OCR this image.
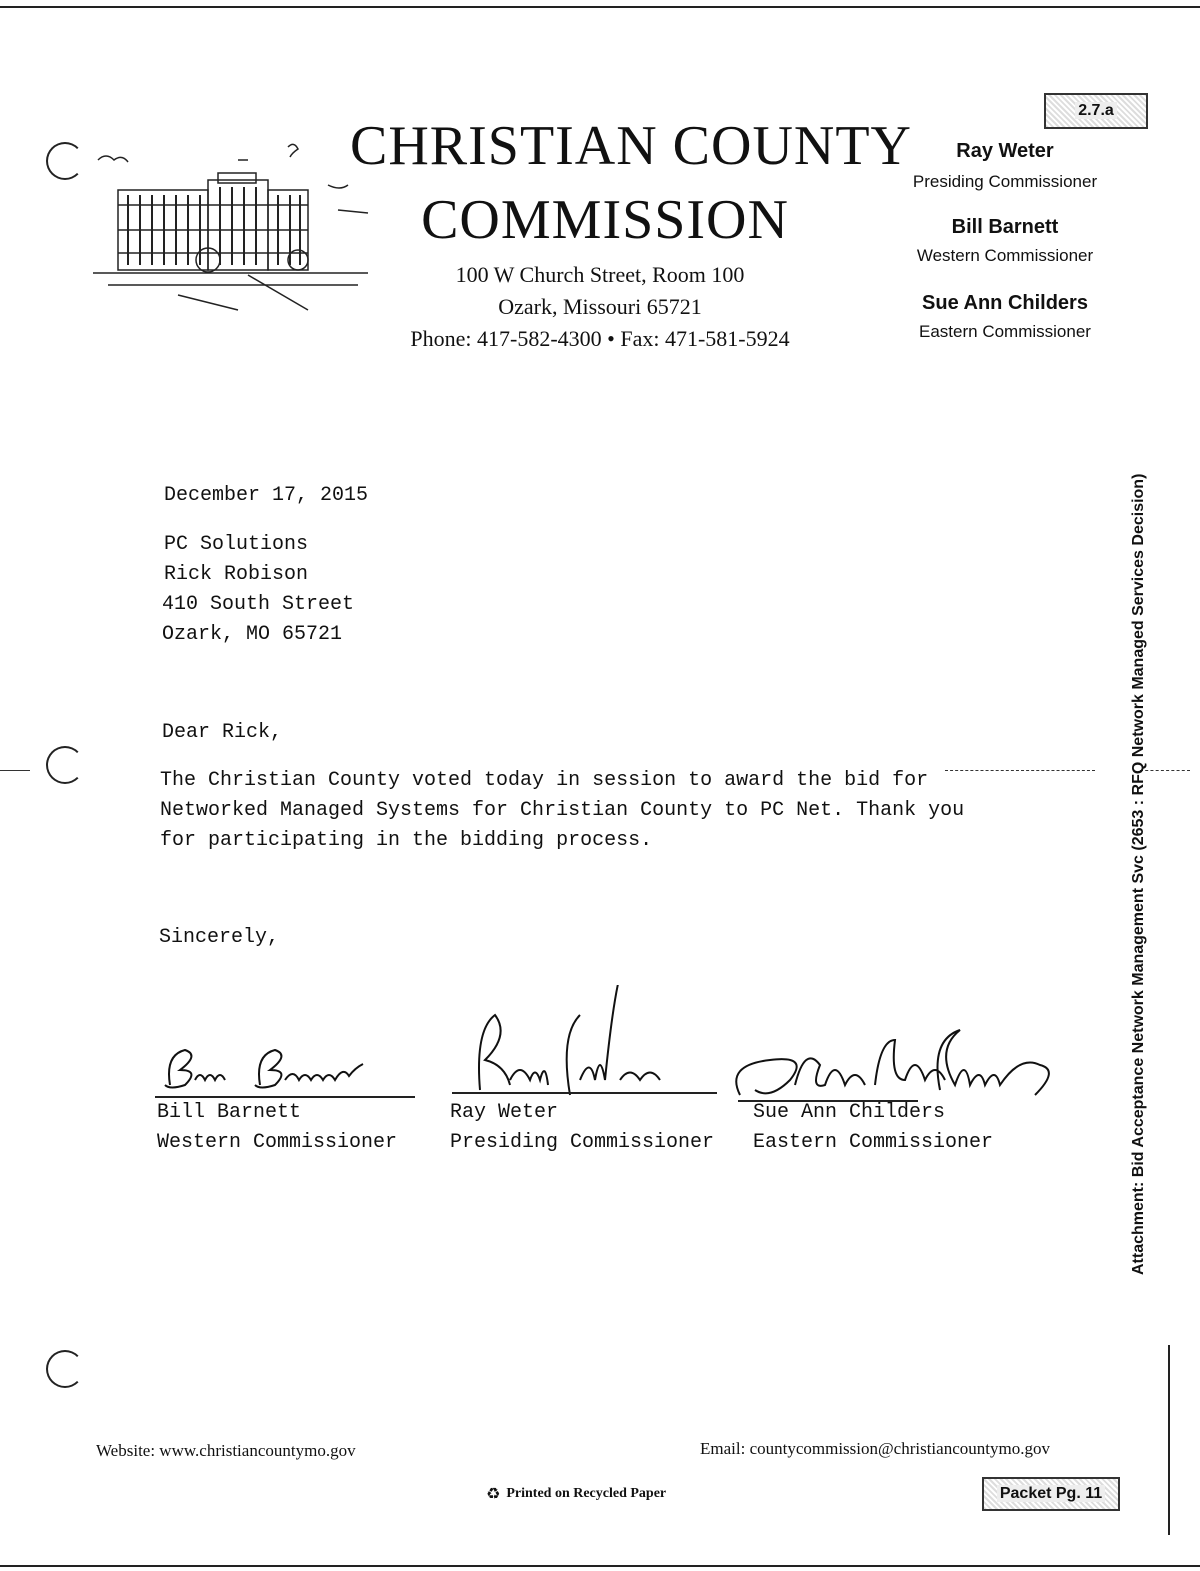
CHRISTIAN COUNTY
COMMISSION
100 W Church Street, Room 100
Ozark, Missouri 65721
Phone: 417-582-4300 • Fax: 471-581-5924
Ray Weter
Presiding Commissioner
Bill Barnett
Western Commissioner
Sue Ann Childers
Eastern Commissioner
2.7.a
Packet Pg. 11
Attachment: Bid Acceptance Network Management Svc (2653 : RFQ Network Managed Services Decision)
December 17, 2015
PC Solutions
Rick Robison
410 South Street
Ozark, MO 65721
Dear Rick,
The Christian County voted today in session to award the bid for
Networked Managed Systems for Christian County to PC Net. Thank you
for participating in the bidding process.
Sincerely,
Bill Barnett
Western Commissioner
Ray Weter
Presiding Commissioner
Sue Ann Childers
Eastern Commissioner
Website: www.christiancountymo.gov	Email: countycommission@christiancountymo.gov
♻ Printed on Recycled Paper
